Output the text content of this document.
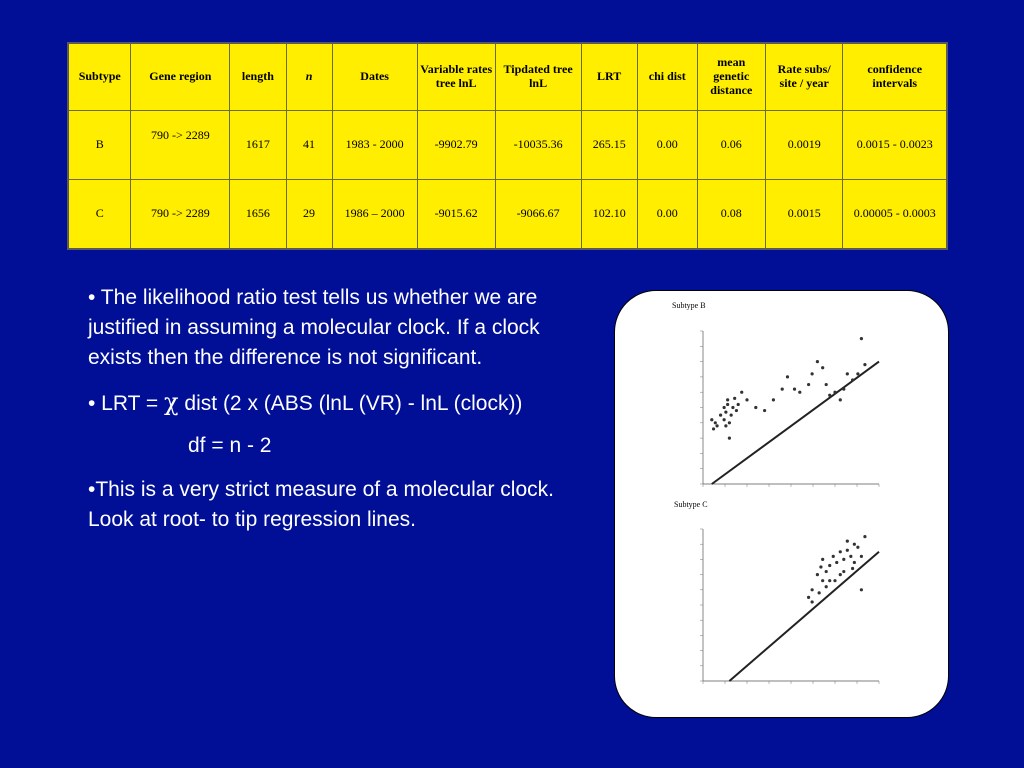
Subtype	Gene region	length	n	Dates	Variable rates tree lnL	Tipdated tree lnL	LRT	chi dist	mean genetic distance	Rate subs/ site / year	confidence intervals
B	790 -> 2289	1617	41	1983 - 2000	-9902.79	-10035.36	265.15	0.00	0.06	0.0019	0.0015 - 0.0023
C	790 -> 2289	1656	29	1986 – 2000	-9015.62	-9066.67	102.10	0.00	0.08	0.0015	0.00005 - 0.0003
• The likelihood ratio test tells us whether we are justified in assuming a molecular clock. If a clock exists then the difference is not significant.
• LRT = χ dist (2 x (ABS (lnL (VR) - lnL (clock))
df = n - 2
•This is a very strict measure of a molecular clock. Look at root- to tip regression lines.
Subtype B
Subtype C
